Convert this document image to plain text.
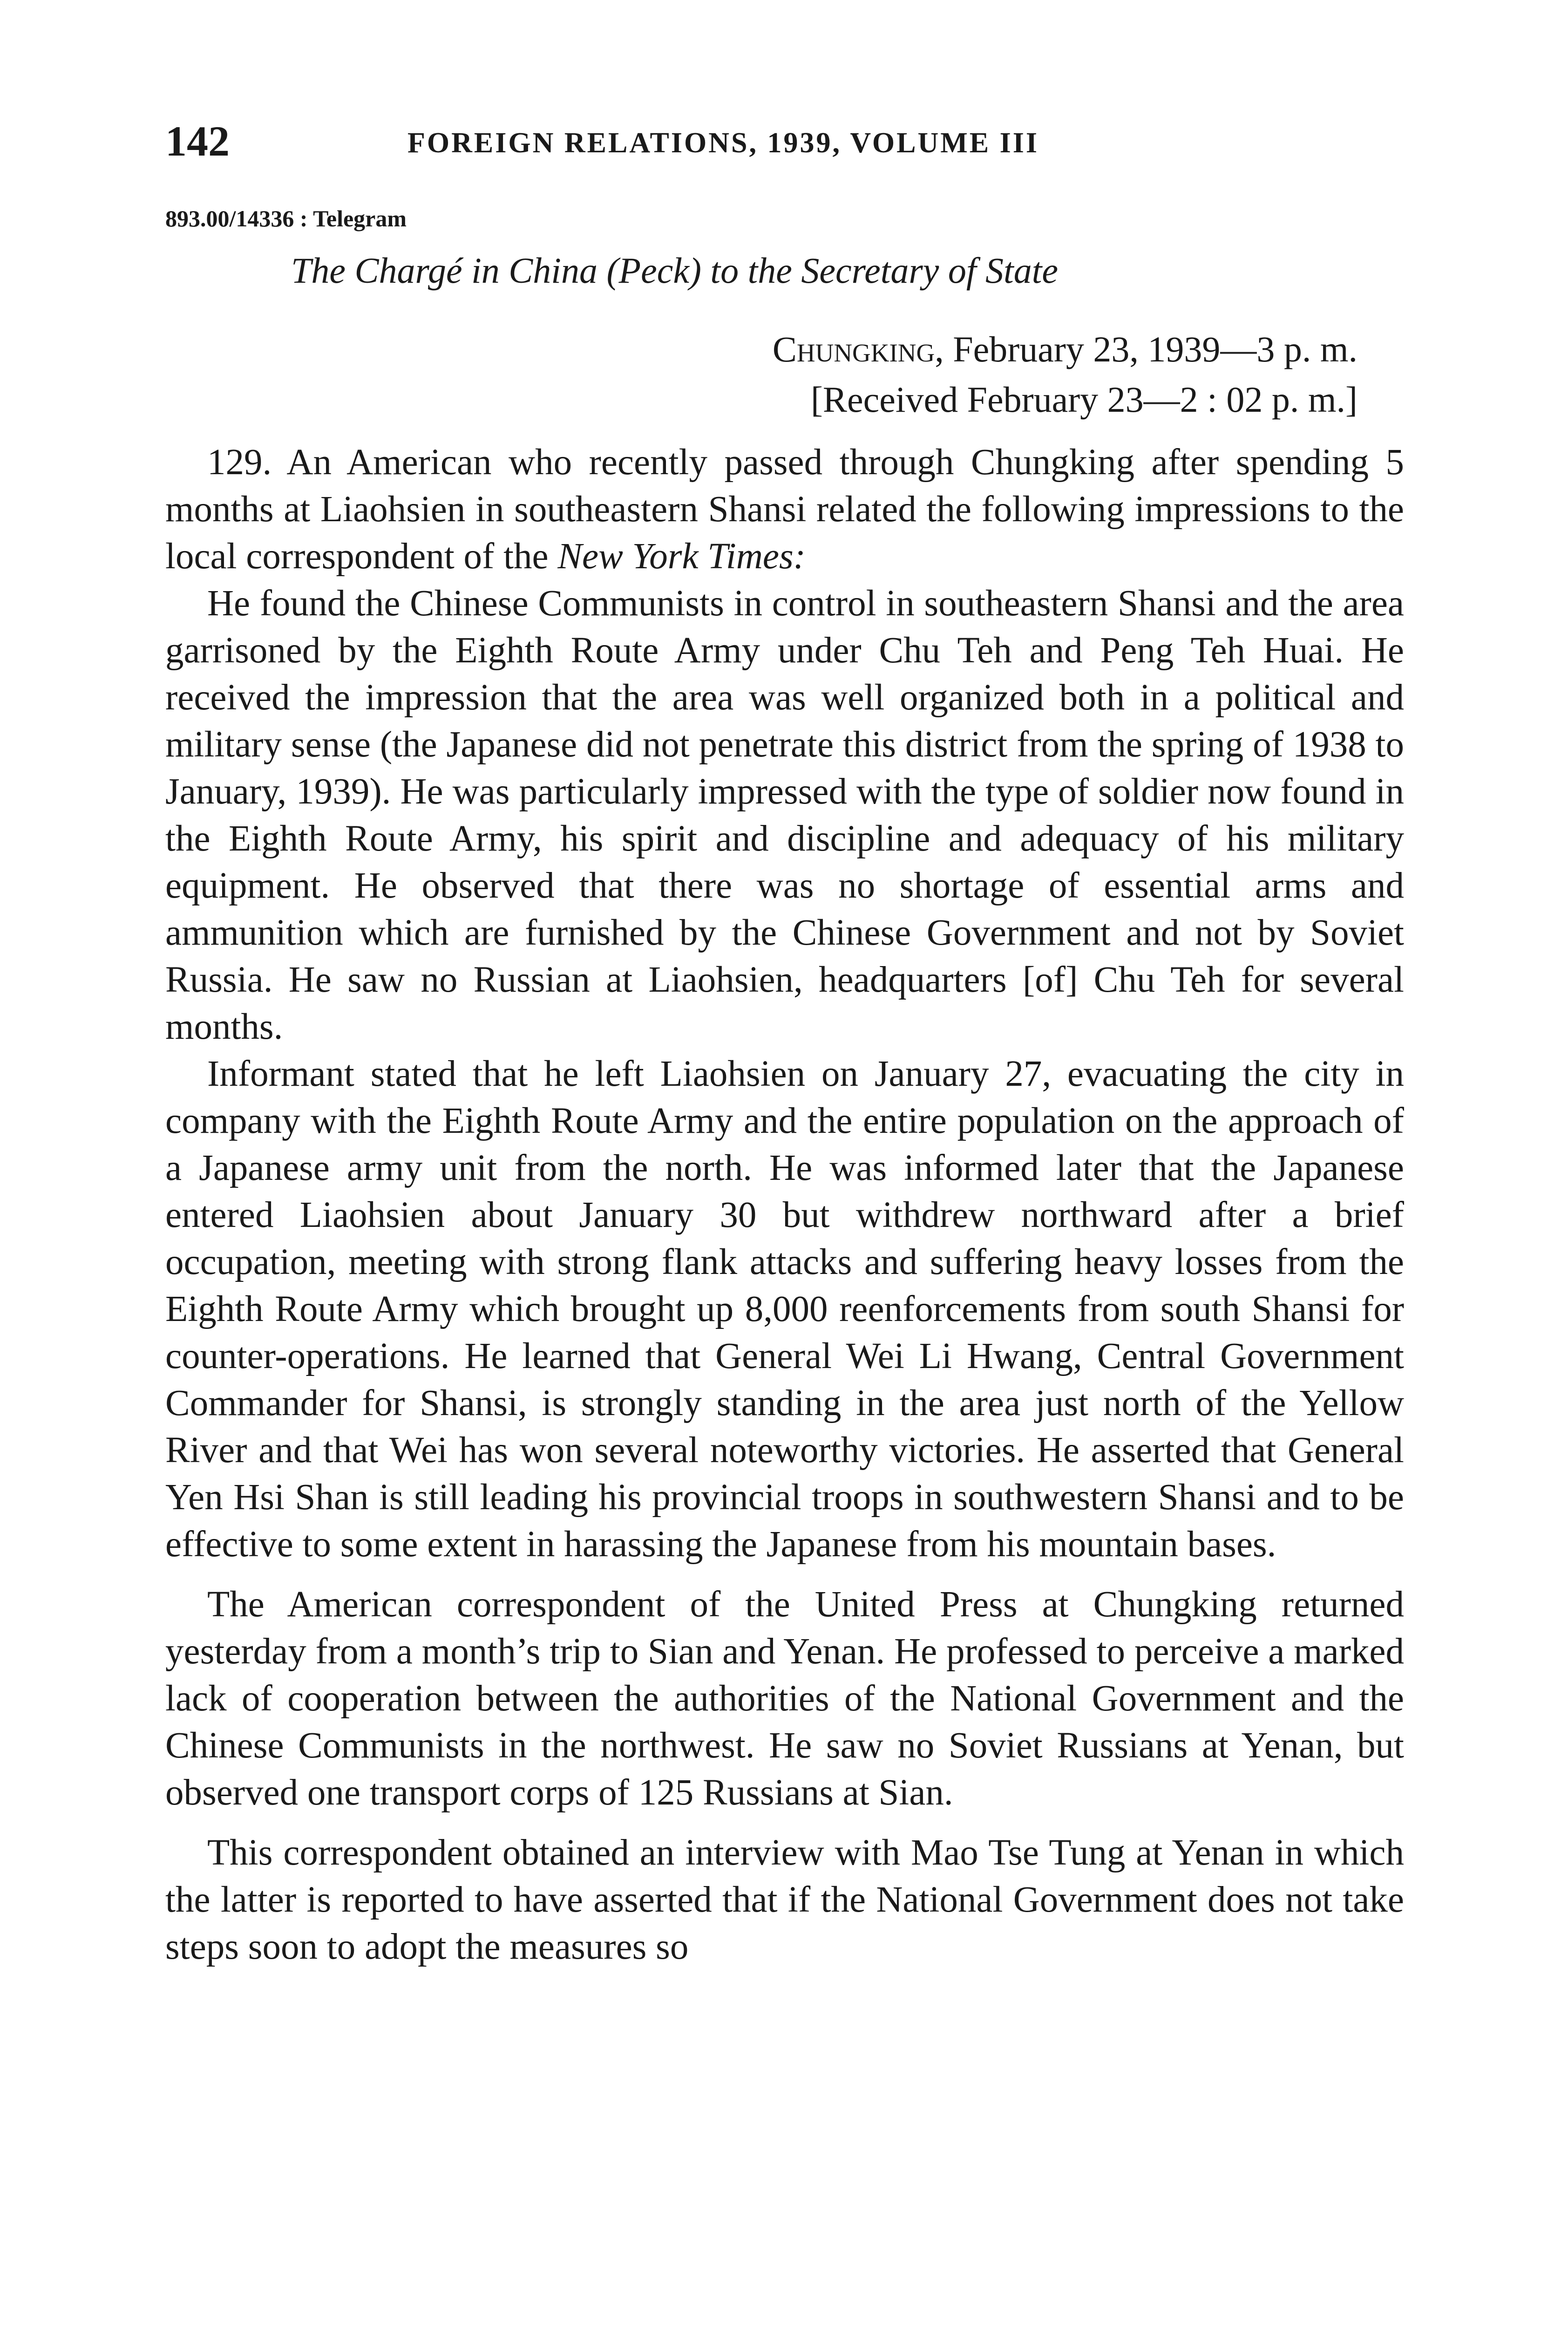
142	FOREIGN RELATIONS, 1939, VOLUME III
893.00/14336 : Telegram
The Chargé in China (Peck) to the Secretary of State
Chungking, February 23, 1939—3 p. m.
[Received February 23—2 : 02 p. m.]

129. An American who recently passed through Chungking after spending 5 months at Liaohsien in southeastern Shansi related the following impressions to the local correspondent of the New York Times:

He found the Chinese Communists in control in southeastern Shansi and the area garrisoned by the Eighth Route Army under Chu Teh and Peng Teh Huai. He received the impression that the area was well organized both in a political and military sense (the Japanese did not penetrate this district from the spring of 1938 to January, 1939). He was particularly impressed with the type of soldier now found in the Eighth Route Army, his spirit and discipline and adequacy of his military equipment. He observed that there was no shortage of essential arms and ammunition which are furnished by the Chinese Government and not by Soviet Russia. He saw no Russian at Liaohsien, headquarters [of] Chu Teh for several months.

Informant stated that he left Liaohsien on January 27, evacuating the city in company with the Eighth Route Army and the entire population on the approach of a Japanese army unit from the north. He was informed later that the Japanese entered Liaohsien about January 30 but withdrew northward after a brief occupation, meeting with strong flank attacks and suffering heavy losses from the Eighth Route Army which brought up 8,000 reenforcements from south Shansi for counter-operations. He learned that General Wei Li Hwang, Central Government Commander for Shansi, is strongly standing in the area just north of the Yellow River and that Wei has won several noteworthy victories. He asserted that General Yen Hsi Shan is still leading his provincial troops in southwestern Shansi and to be effective to some extent in harassing the Japanese from his mountain bases.

The American correspondent of the United Press at Chungking returned yesterday from a month’s trip to Sian and Yenan. He professed to perceive a marked lack of cooperation between the authorities of the National Government and the Chinese Communists in the northwest. He saw no Soviet Russians at Yenan, but observed one transport corps of 125 Russians at Sian.

This correspondent obtained an interview with Mao Tse Tung at Yenan in which the latter is reported to have asserted that if the National Government does not take steps soon to adopt the measures so
